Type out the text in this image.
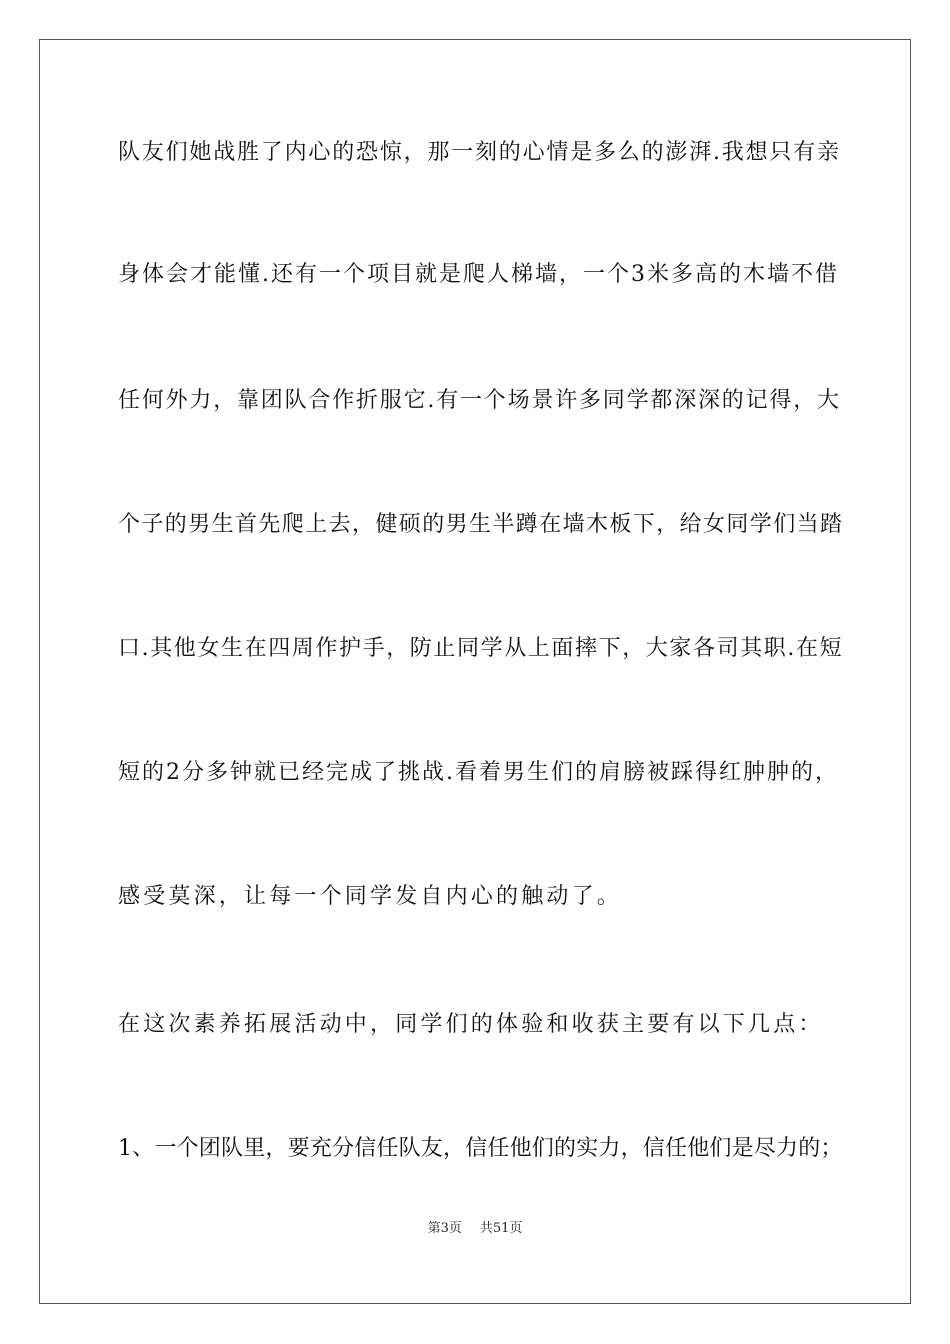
队友们她战胜了内心的恐惊，那一刻的心情是多么的澎湃.我想只有亲
身体会才能懂.还有一个项目就是爬人梯墙，一个3米多高的木墙不借
任何外力，靠团队合作折服它.有一个场景许多同学都深深的记得，大
个子的男生首先爬上去，健硕的男生半蹲在墙木板下，给女同学们当踏
口.其他女生在四周作护手，防止同学从上面摔下，大家各司其职.在短
短的2分多钟就已经完成了挑战.看着男生们的肩膀被踩得红肿肿的，
感受莫深，让每一个同学发自内心的触动了。
在这次素养拓展活动中，同学们的体验和收获主要有以下几点：
1、一个团队里，要充分信任队友，信任他们的实力，信任他们是尽力的；
第3页 共51页
